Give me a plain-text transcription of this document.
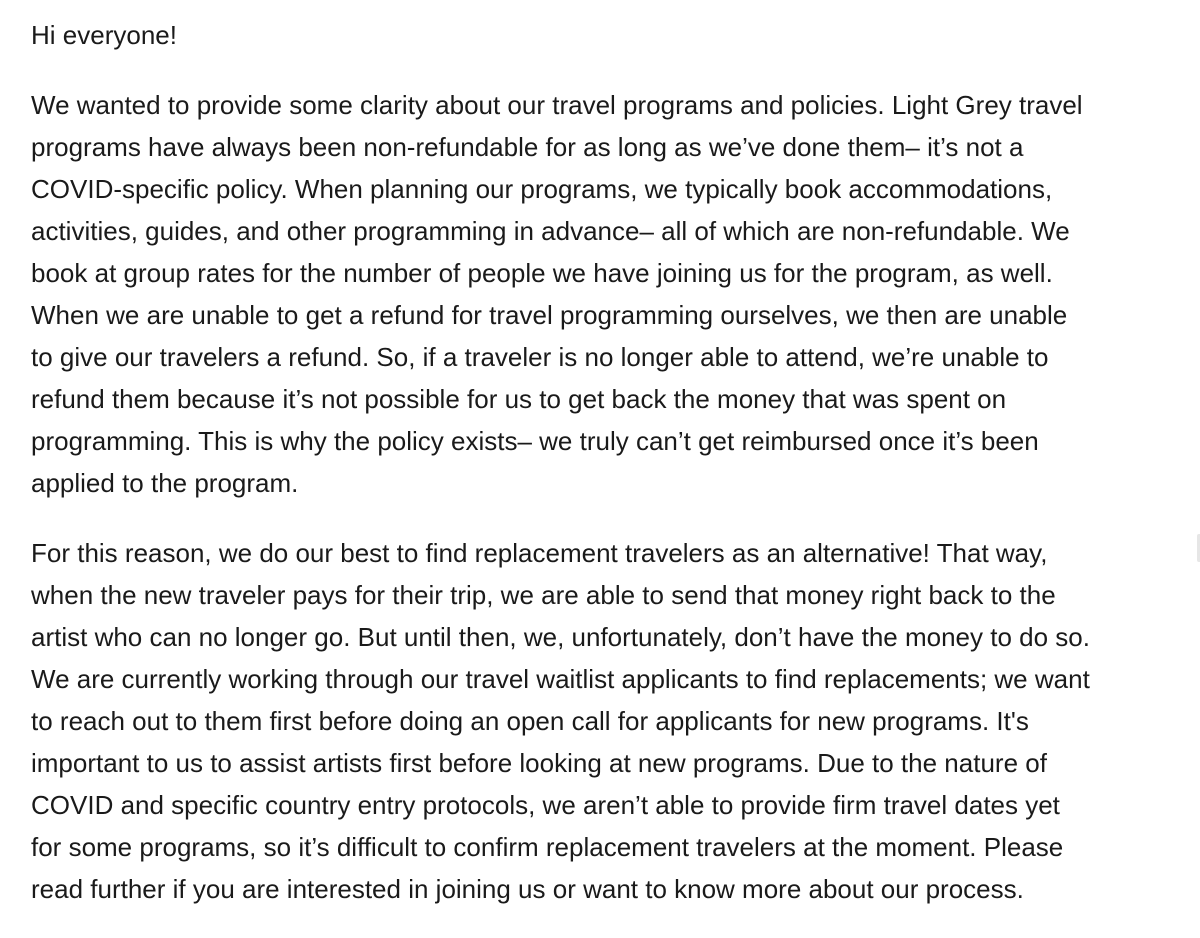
Hi everyone!

We wanted to provide some clarity about our travel programs and policies. Light Grey travel
programs have always been non-refundable for as long as we’ve done them– it’s not a
COVID-specific policy. When planning our programs, we typically book accommodations,
activities, guides, and other programming in advance– all of which are non-refundable. We
book at group rates for the number of people we have joining us for the program, as well.
When we are unable to get a refund for travel programming ourselves, we then are unable
to give our travelers a refund. So, if a traveler is no longer able to attend, we’re unable to
refund them because it’s not possible for us to get back the money that was spent on
programming. This is why the policy exists– we truly can’t get reimbursed once it’s been
applied to the program.

For this reason, we do our best to find replacement travelers as an alternative! That way,
when the new traveler pays for their trip, we are able to send that money right back to the
artist who can no longer go. But until then, we, unfortunately, don’t have the money to do so.
We are currently working through our travel waitlist applicants to find replacements; we want
to reach out to them first before doing an open call for applicants for new programs. It's
important to us to assist artists first before looking at new programs. Due to the nature of
COVID and specific country entry protocols, we aren’t able to provide firm travel dates yet
for some programs, so it’s difficult to confirm replacement travelers at the moment. Please
read further if you are interested in joining us or want to know more about our process.
